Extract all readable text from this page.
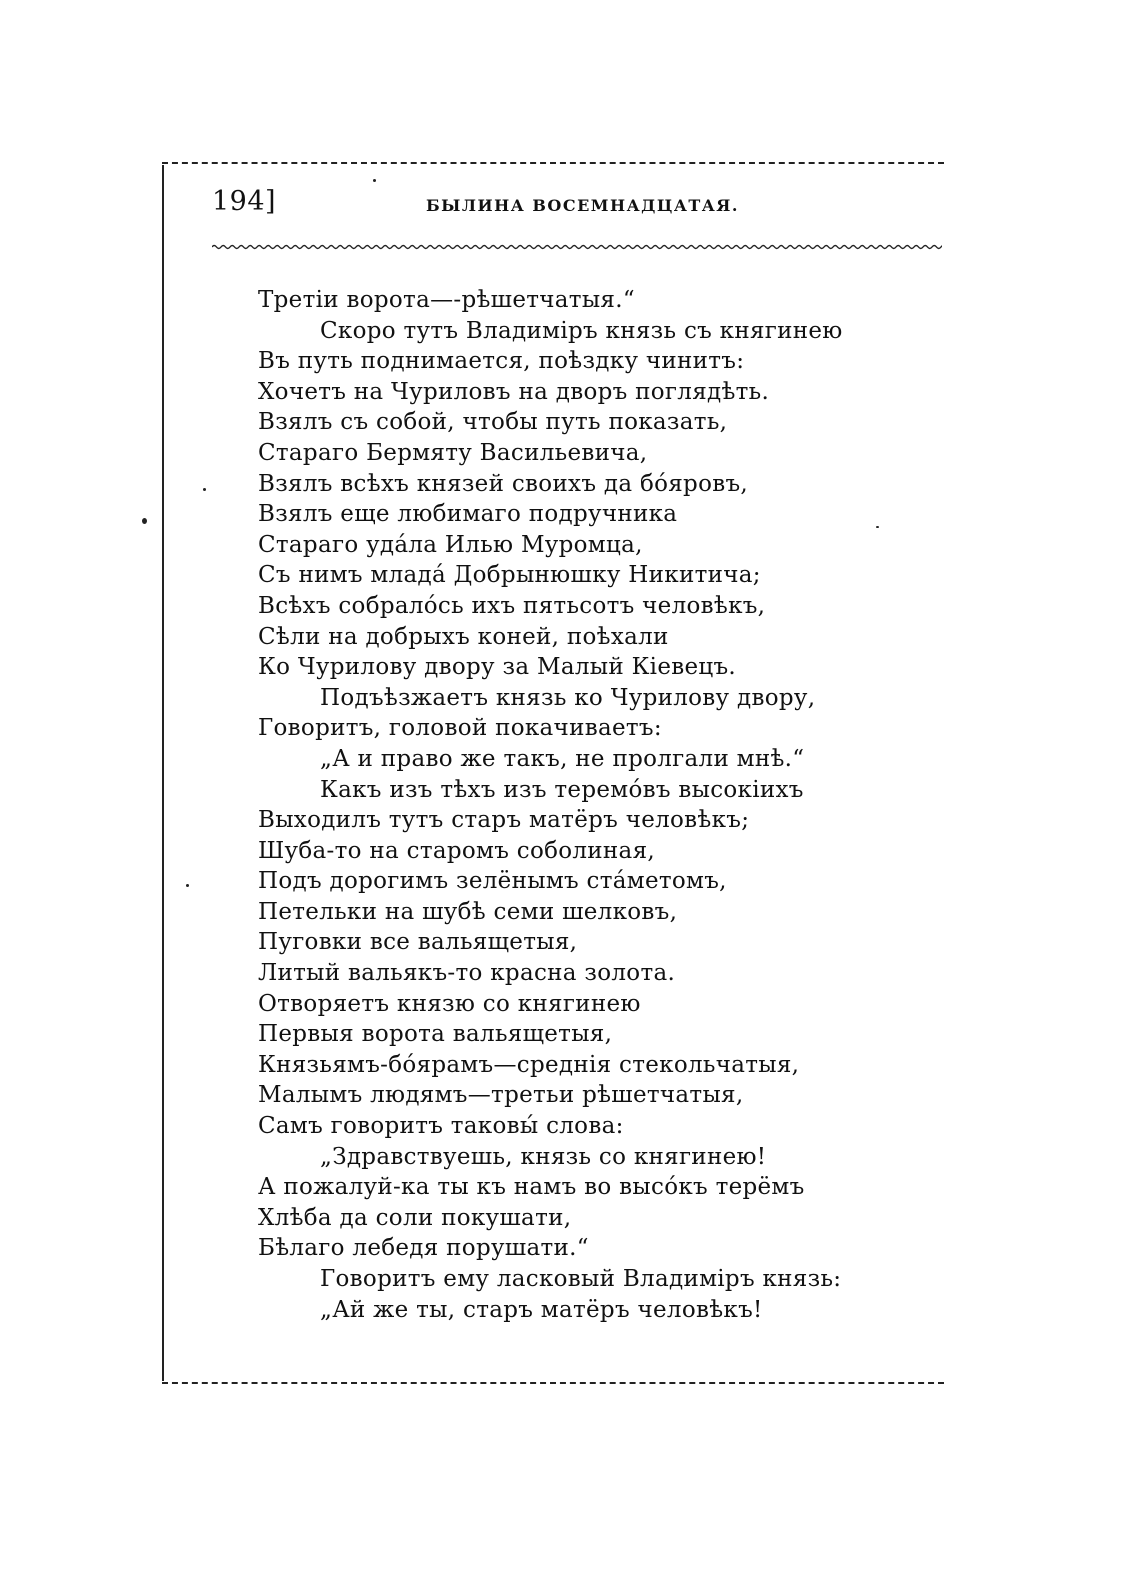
194]	БЫЛИНА ВОСЕМНАДЦАТАЯ.
Третiи ворота—-рѣшетчатыя.“
Скоро тутъ Владимiръ князь съ княгинею
Въ путь поднимается, поѣздку чинитъ:
Хочетъ на Чуриловъ на дворъ поглядѣть.
Взялъ съ собой, чтобы путь показать,
Стараго Бермяту Васильевича,
Взялъ всѣхъ князей своихъ да бóяровъ,
Взялъ еще любимаго подручника
Стараго удáла Илью Муромца,
Съ нимъ младá Добрынюшку Никитича;
Всѣхъ собралóсь ихъ пятьсотъ человѣкъ,
Сѣли на добрыхъ коней, поѣхали
Ко Чурилову двору за Малый Кiевецъ.
Подъѣзжаетъ князь ко Чурилову двору,
Говоритъ, головой покачиваетъ:
„А и право же такъ, не пролгали мнѣ.“
Какъ изъ тѣхъ изъ теремóвъ высокiихъ
Выходилъ тутъ старъ матёръ человѣкъ;
Шуба-то на старомъ соболиная,
Подъ дорогимъ зелёнымъ стáметомъ,
Петельки на шубѣ семи шелковъ,
Пуговки все вальящетыя,
Литый вальякъ-то красна золота.
Отворяетъ князю со княгинею
Первыя ворота вальящетыя,
Князьямъ-бóярамъ—среднiя стекольчатыя,
Малымъ людямъ—третьи рѣшетчатыя,
Самъ говоритъ таковы́ слова:
„Здравствуешь, князь со княгинею!
А пожалуй-ка ты къ намъ во высóкъ терёмъ
Хлѣба да соли покушати,
Бѣлаго лебедя порушати.“
Говоритъ ему ласковый Владимiръ князь:
„Ай же ты, старъ матёръ человѣкъ!
